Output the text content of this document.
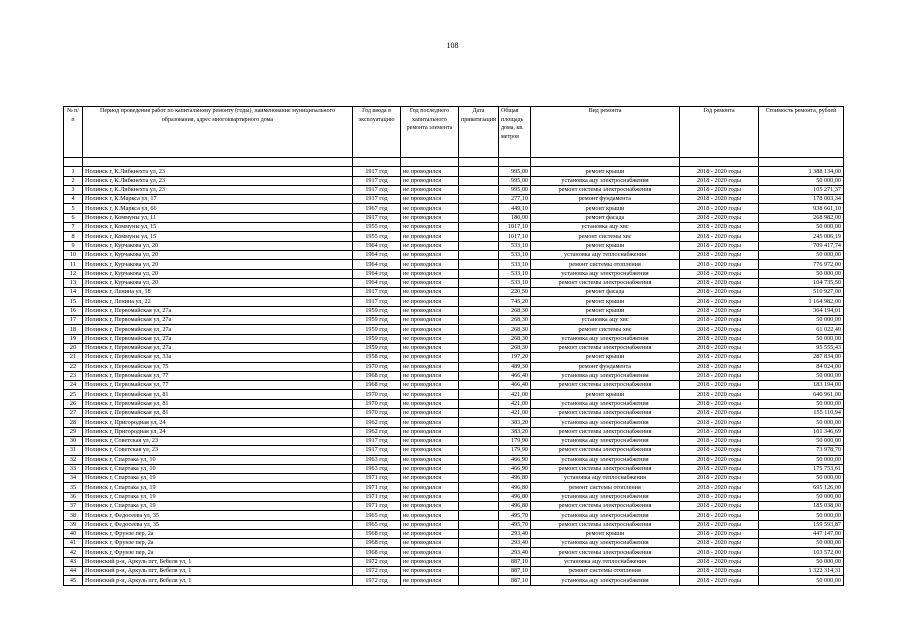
108
№ п/п	Период проведения работ по капитальному ремонту (годы), наименование муниципального образования, адрес многоквартирного дома	Год ввода в эксплуатацию	Год последнего капитального ремонта элемента	Дата приватизации	Общая площадь дома, кв. метров	Вид ремонта	Год ремонта	Стоимость ремонта, рублей

1	Нолинск г, К.Либкнехта ул, 23	1917 год	не проводился		995,00	ремонт крыши	2018 - 2020 годы	1 388 134,00
2	Нолинск г, К.Либкнехта ул, 23	1917 год	не проводился		995,00	установка ацу электроснабжения	2018 - 2020 годы	50 000,00
3	Нолинск г, К.Либкнехта ул, 23	1917 год	не проводился		995,00	ремонт системы электроснабжения	2018 - 2020 годы	105 271,37
4	Нолинск г, К.Маркса ул, 17	1917 год	не проводился		277,10	ремонт фундамента	2018 - 2020 годы	178 003,34
5	Нолинск г, К.Маркса ул, 66	1967 год	не проводился		449,10	ремонт крыши	2018 - 2020 годы	938 661,10
6	Нолинск г, Коммуны ул, 11	1917 год	не проводился		180,00	ремонт фасада	2018 - 2020 годы	268 982,00
7	Нолинск г, Коммуны ул, 15	1955 год	не проводился		1017,10	установка ацу хвс	2018 - 2020 годы	50 000,00
8	Нолинск г, Коммуны ул, 15	1955 год	не проводился		1017,10	ремонт системы хвс	2018 - 2020 годы	245 006,19
9	Нолинск г, Курчакова ул, 20	1964 год	не проводился		533,10	ремонт крыши	2018 - 2020 годы	709 417,74
10	Нолинск г, Курчакова ул, 20	1964 год	не проводился		533,10	установка ацу теплоснабжения	2018 - 2020 годы	50 000,00
11	Нолинск г, Курчакова ул, 20	1964 год	не проводился		533,10	ремонт системы отопления	2018 - 2020 годы	776 972,00
12	Нолинск г, Курчакова ул, 20	1964 год	не проводился		533,10	установка ацу электроснабжения	2018 - 2020 годы	50 000,00
13	Нолинск г, Курчакова ул, 20	1964 год	не проводился		533,10	ремонт системы электроснабжения	2018 - 2020 годы	104 735,50
14	Нолинск г, Ленина ул, 18	1917 год	не проводился		220,50	ремонт фасада	2018 - 2020 годы	510 927,00
15	Нолинск г, Ленина ул, 22	1917 год	не проводился		745,20	ремонт крыши	2018 - 2020 годы	1 164 982,00
16	Нолинск г, Первомайская ул, 27а	1959 год	не проводился		268,30	ремонт крыши	2018 - 2020 годы	364 194,01
17	Нолинск г, Первомайская ул, 27а	1959 год	не проводился		268,30	установка ацу хвс	2018 - 2020 годы	50 000,00
18	Нолинск г, Первомайская ул, 27а	1959 год	не проводился		268,30	ремонт системы хвс	2018 - 2020 годы	61 022,40
19	Нолинск г, Первомайская ул, 27а	1959 год	не проводился		268,30	установка ацу электроснабжения	2018 - 2020 годы	50 000,00
20	Нолинск г, Первомайская ул, 27а	1959 год	не проводился		268,30	ремонт системы электроснабжения	2018 - 2020 годы	95 555,43
21	Нолинск г, Первомайская ул, 33а	1958 год	не проводился		197,20	ремонт крыши	2018 - 2020 годы	287 834,00
22	Нолинск г, Первомайская ул, 75	1970 год	не проводился		489,30	ремонт фундамента	2018 - 2020 годы	84 024,00
23	Нолинск г, Первомайская ул, 77	1968 год	не проводился		466,40	установка ацу электроснабжения	2018 - 2020 годы	50 000,00
24	Нолинск г, Первомайская ул, 77	1968 год	не проводился		466,40	ремонт системы электроснабжения	2018 - 2020 годы	183 194,00
25	Нолинск г, Первомайская ул, 81	1970 год	не проводился		421,00	ремонт крыши	2018 - 2020 годы	640 961,00
26	Нолинск г, Первомайская ул, 81	1970 год	не проводился		421,00	установка ацу электроснабжения	2018 - 2020 годы	50 000,00
27	Нолинск г, Первомайская ул, 81	1970 год	не проводился		421,00	ремонт системы электроснабжения	2018 - 2020 годы	155 110,94
28	Нолинск г, Пригородная ул, 24	1962 год	не проводился		383,20	установка ацу электроснабжения	2018 - 2020 годы	50 000,00
29	Нолинск г, Пригородная ул, 24	1962 год	не проводился		383,20	ремонт системы электроснабжения	2018 - 2020 годы	101 346,69
30	Нолинск г, Советская ул, 23	1917 год	не проводился		179,90	установка ацу электроснабжения	2018 - 2020 годы	50 000,00
31	Нолинск г, Советская ул, 23	1917 год	не проводился		179,90	ремонт системы электроснабжения	2018 - 2020 годы	73 978,70
32	Нолинск г, Спартака ул, 10	1963 год	не проводился		466,90	установка ацу электроснабжения	2018 - 2020 годы	50 000,00
33	Нолинск г, Спартака ул, 10	1963 год	не проводился		466,90	ремонт системы электроснабжения	2018 - 2020 годы	175 753,61
34	Нолинск г, Спартака ул, 19	1971 год	не проводился		496,80	установка ацу теплоснабжения	2018 - 2020 годы	50 000,00
35	Нолинск г, Спартака ул, 19	1971 год	не проводился		496,80	ремонт системы отопления	2018 - 2020 годы	695 126,00
36	Нолинск г, Спартака ул, 19	1971 год	не проводился		496,80	установка ацу электроснабжения	2018 - 2020 годы	50 000,00
37	Нолинск г, Спартака ул, 19	1971 год	не проводился		496,80	ремонт системы электроснабжения	2018 - 2020 годы	185 038,00
38	Нолинск г, Федосеева ул, 35	1965 год	не проводился		495,70	установка ацу электроснабжения	2018 - 2020 годы	50 000,00
39	Нолинск г, Федосеева ул, 35	1965 год	не проводился		495,70	ремонт системы электроснабжения	2018 - 2020 годы	159 593,87
40	Нолинск г, Фрунзе пер, 2а	1968 год	не проводился		293,40	ремонт крыши	2018 - 2020 годы	447 147,00
41	Нолинск г, Фрунзе пер, 2а	1968 год	не проводился		293,40	установка ацу электроснабжения	2018 - 2020 годы	50 000,00
42	Нолинск г, Фрунзе пер, 2а	1968 год	не проводился		293,40	ремонт системы электроснабжения	2018 - 2020 годы	103 572,00
43	Нолинский р-н, Аркуль пгт, Бебеля ул, 1	1972 год	не проводился		887,10	установка ацу теплоснабжения	2018 - 2020 годы	50 000,00
44	Нолинский р-н, Аркуль пгт, Бебеля ул, 1	1972 год	не проводился		887,10	ремонт системы отопления	2018 - 2020 годы	1 322 314,31
45	Нолинский р-н, Аркуль пгт, Бебеля ул, 1	1972 год	не проводился		887,10	установка ацу электроснабжения	2018 - 2020 годы	50 000,00
